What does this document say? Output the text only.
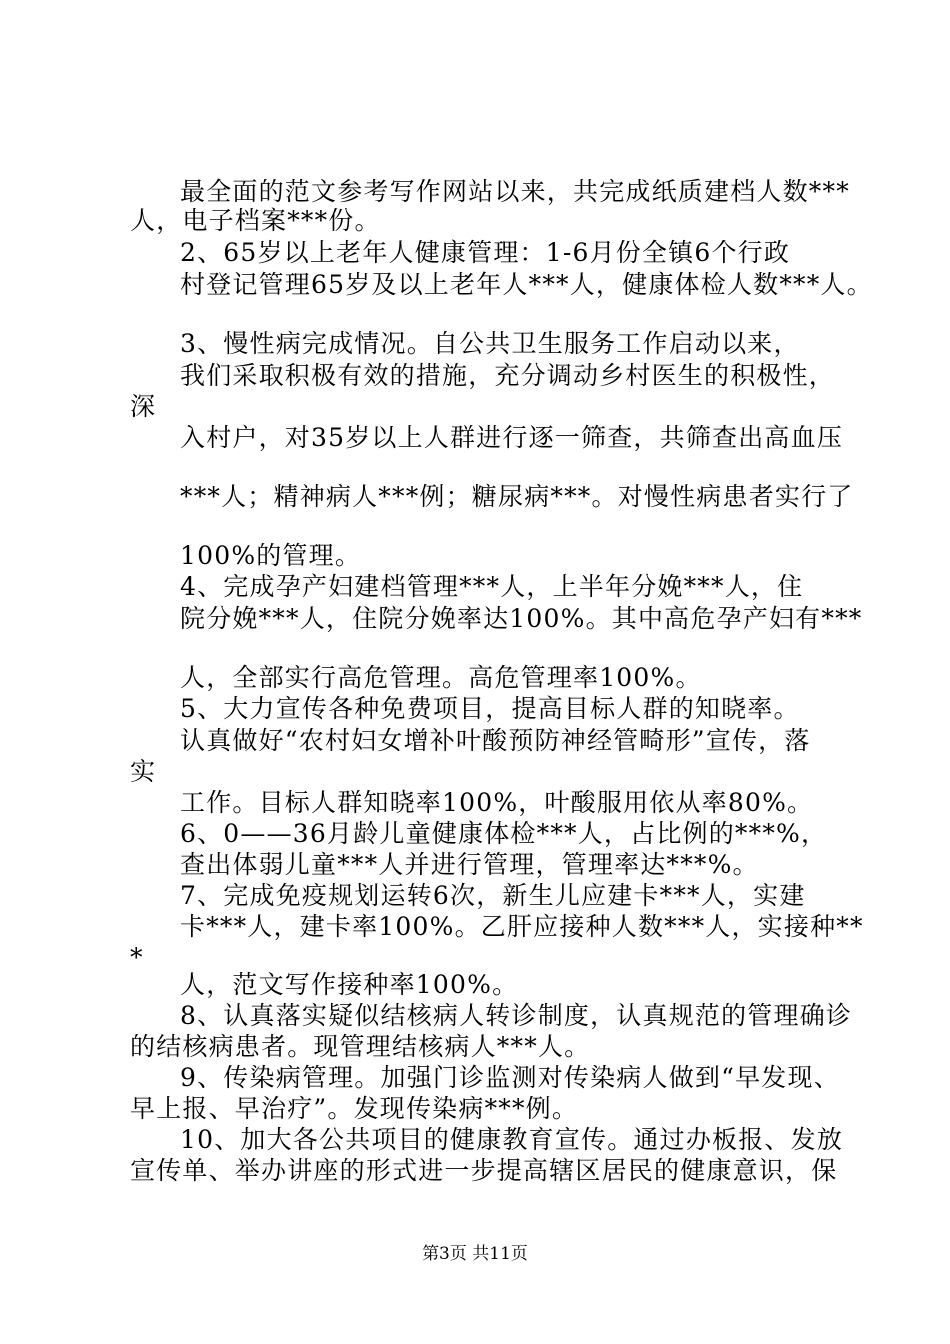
最全面的范文参考写作网站以来，共完成纸质建档人数***
人，电子档案***份。
2、65岁以上老年人健康管理：1-6月份全镇6个行政
村登记管理65岁及以上老年人***人，健康体检人数***人。
3、慢性病完成情况。自公共卫生服务工作启动以来，
我们采取积极有效的措施，充分调动乡村医生的积极性，
深
入村户，对35岁以上人群进行逐一筛查，共筛查出高血压
***人；精神病人***例；糖尿病***。对慢性病患者实行了
100%的管理。
4、完成孕产妇建档管理***人，上半年分娩***人，住
院分娩***人，住院分娩率达100%。其中高危孕产妇有***
人，全部实行高危管理。高危管理率100%。
5、大力宣传各种免费项目，提高目标人群的知晓率。
认真做好“农村妇女增补叶酸预防神经管畸形”宣传，落
实
工作。目标人群知晓率100%，叶酸服用依从率80%。
6、0——36月龄儿童健康体检***人，占比例的***%，
查出体弱儿童***人并进行管理，管理率达***%。
7、完成免疫规划运转6次，新生儿应建卡***人，实建
卡***人，建卡率100%。乙肝应接种人数***人，实接种**
*
人，范文写作接种率100%。
8、认真落实疑似结核病人转诊制度，认真规范的管理确诊
的结核病患者。现管理结核病人***人。
9、传染病管理。加强门诊监测对传染病人做到“早发现、
早上报、早治疗”。发现传染病***例。
10、加大各公共项目的健康教育宣传。通过办板报、发放
宣传单、举办讲座的形式进一步提高辖区居民的健康意识，保
第3页 共11页
